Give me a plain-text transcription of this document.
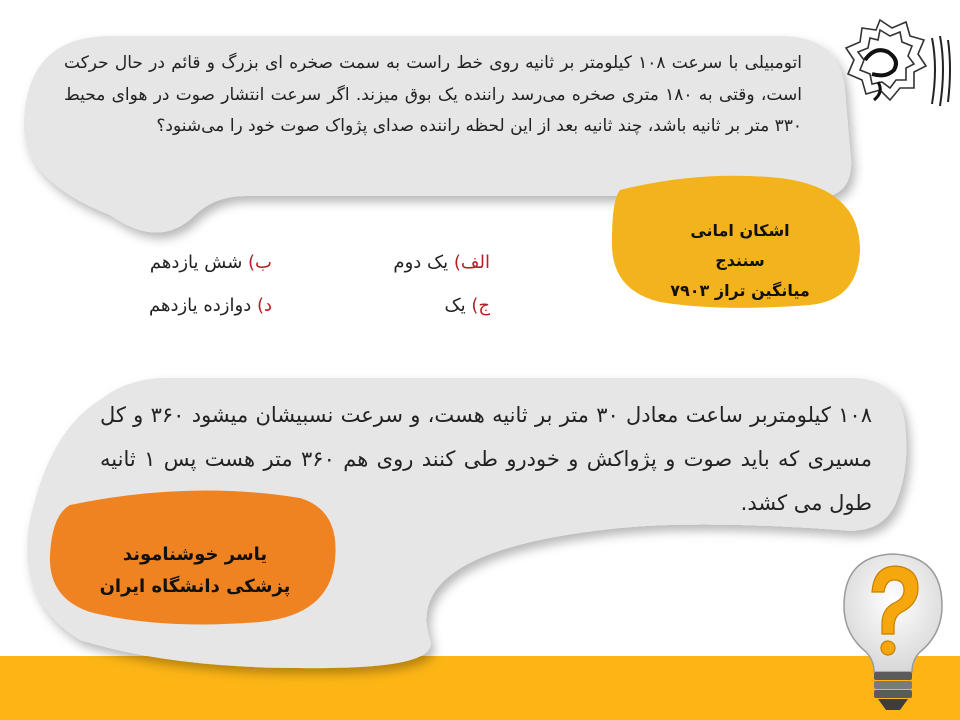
اتومبیلی با سرعت ۱۰۸ کیلومتر بر ثانیه روی خط راست به سمت صخره ای بزرگ و قائم در حال حرکت است، وقتی به ۱۸۰ متری صخره می‌رسد راننده یک بوق میزند. اگر سرعت انتشار صوت در هوای محیط ۳۳۰ متر بر ثانیه باشد، چند ثانیه بعد از این لحظه راننده صدای پژواک صوت خود را می‌شنود؟
اشکان امانی
سنندج
میانگین تراز ۷۹۰۳
الف) یک دوم
ب) شش یازدهم
ج) یک
د) دوازده یازدهم
۱۰۸ کیلومتربر ساعت معادل ۳۰ متر بر ثانیه هست، و سرعت نسبیشان میشود ۳۶۰ و کل مسیری که باید صوت و پژواکش و خودرو طی کنند روی هم ۳۶۰ متر هست پس ۱ ثانیه طول می کشد.
یاسر خوشناموند
پزشکی دانشگاه ایران
